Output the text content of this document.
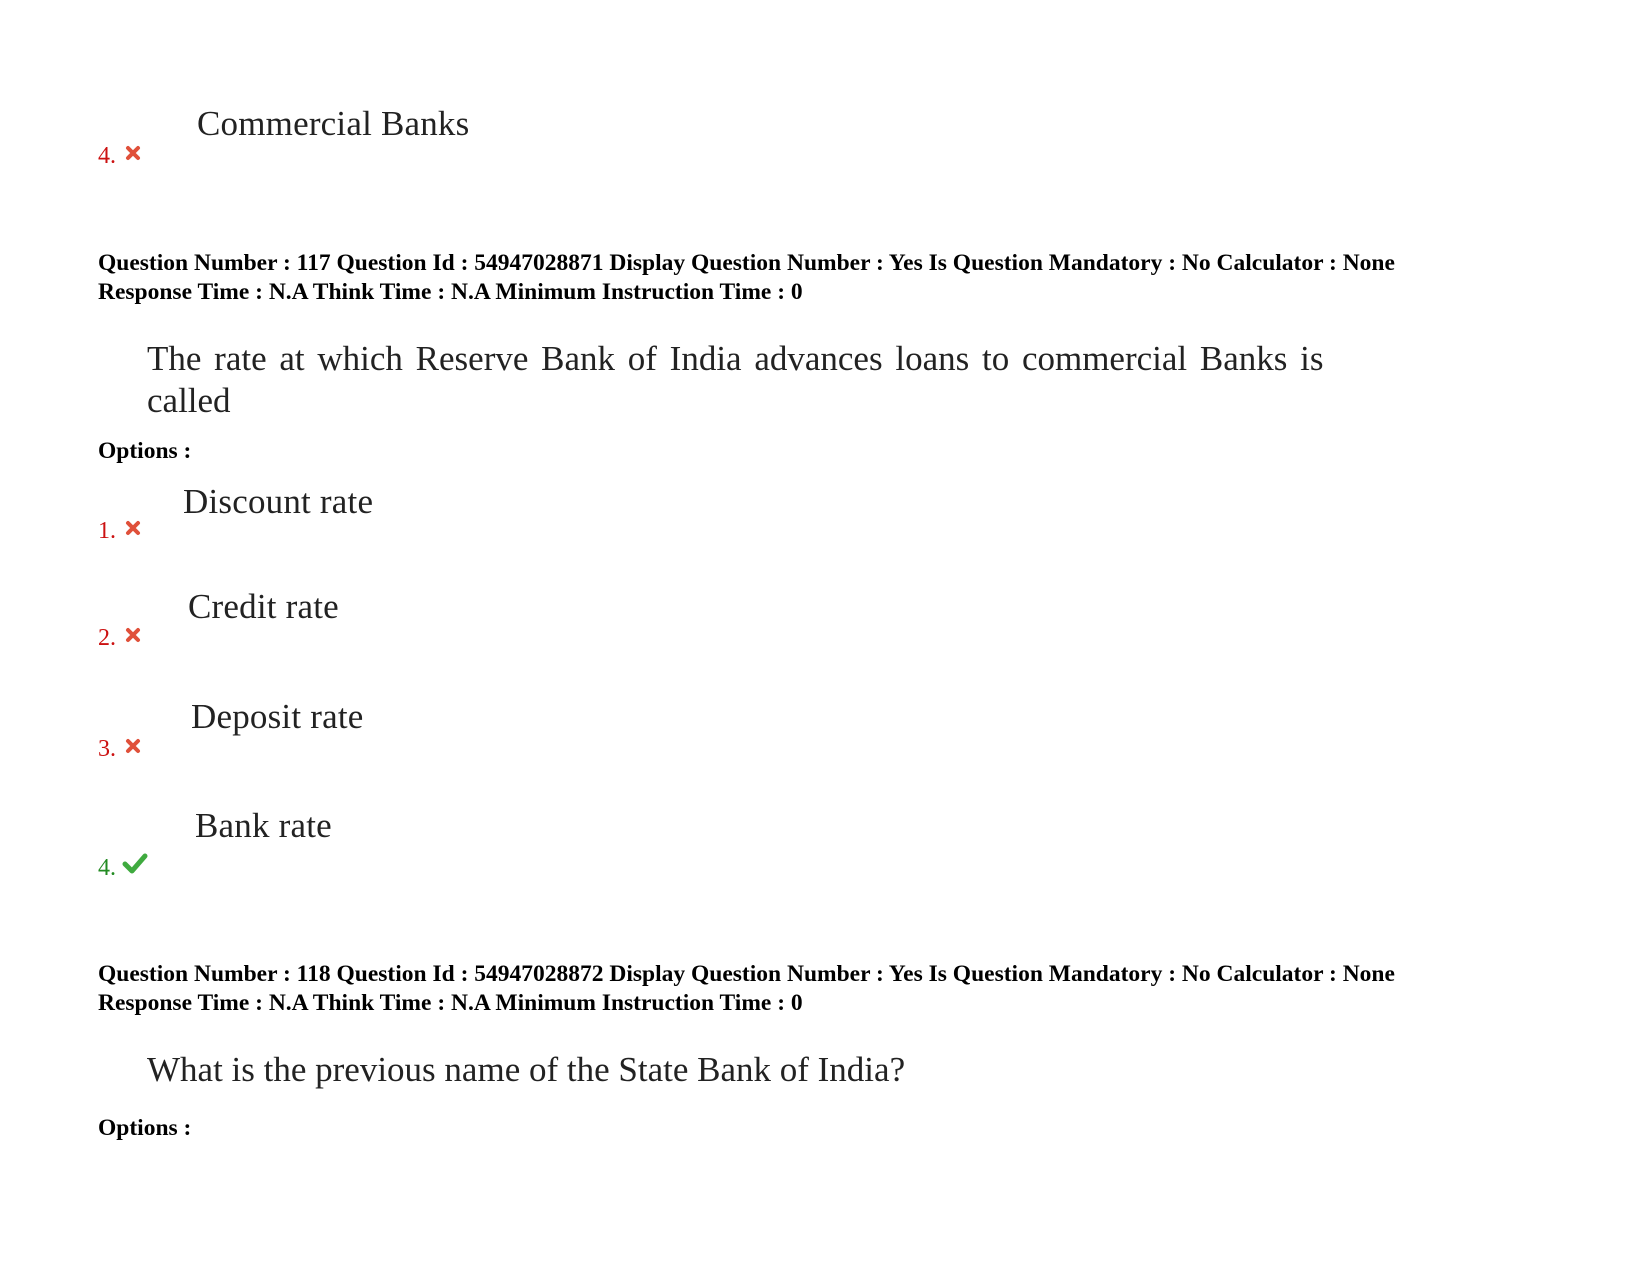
4.
Commercial Banks
Question Number : 117 Question Id : 54947028871 Display Question Number : Yes Is Question Mandatory : No Calculator : None
Response Time : N.A Think Time : N.A Minimum Instruction Time : 0
The rate at which Reserve Bank of India advances loans to commercial Banks is
called
Options :
1.
Discount rate
2.
Credit rate
3.
Deposit rate
4.
Bank rate
Question Number : 118 Question Id : 54947028872 Display Question Number : Yes Is Question Mandatory : No Calculator : None
Response Time : N.A Think Time : N.A Minimum Instruction Time : 0
What is the previous name of the State Bank of India?
Options :
